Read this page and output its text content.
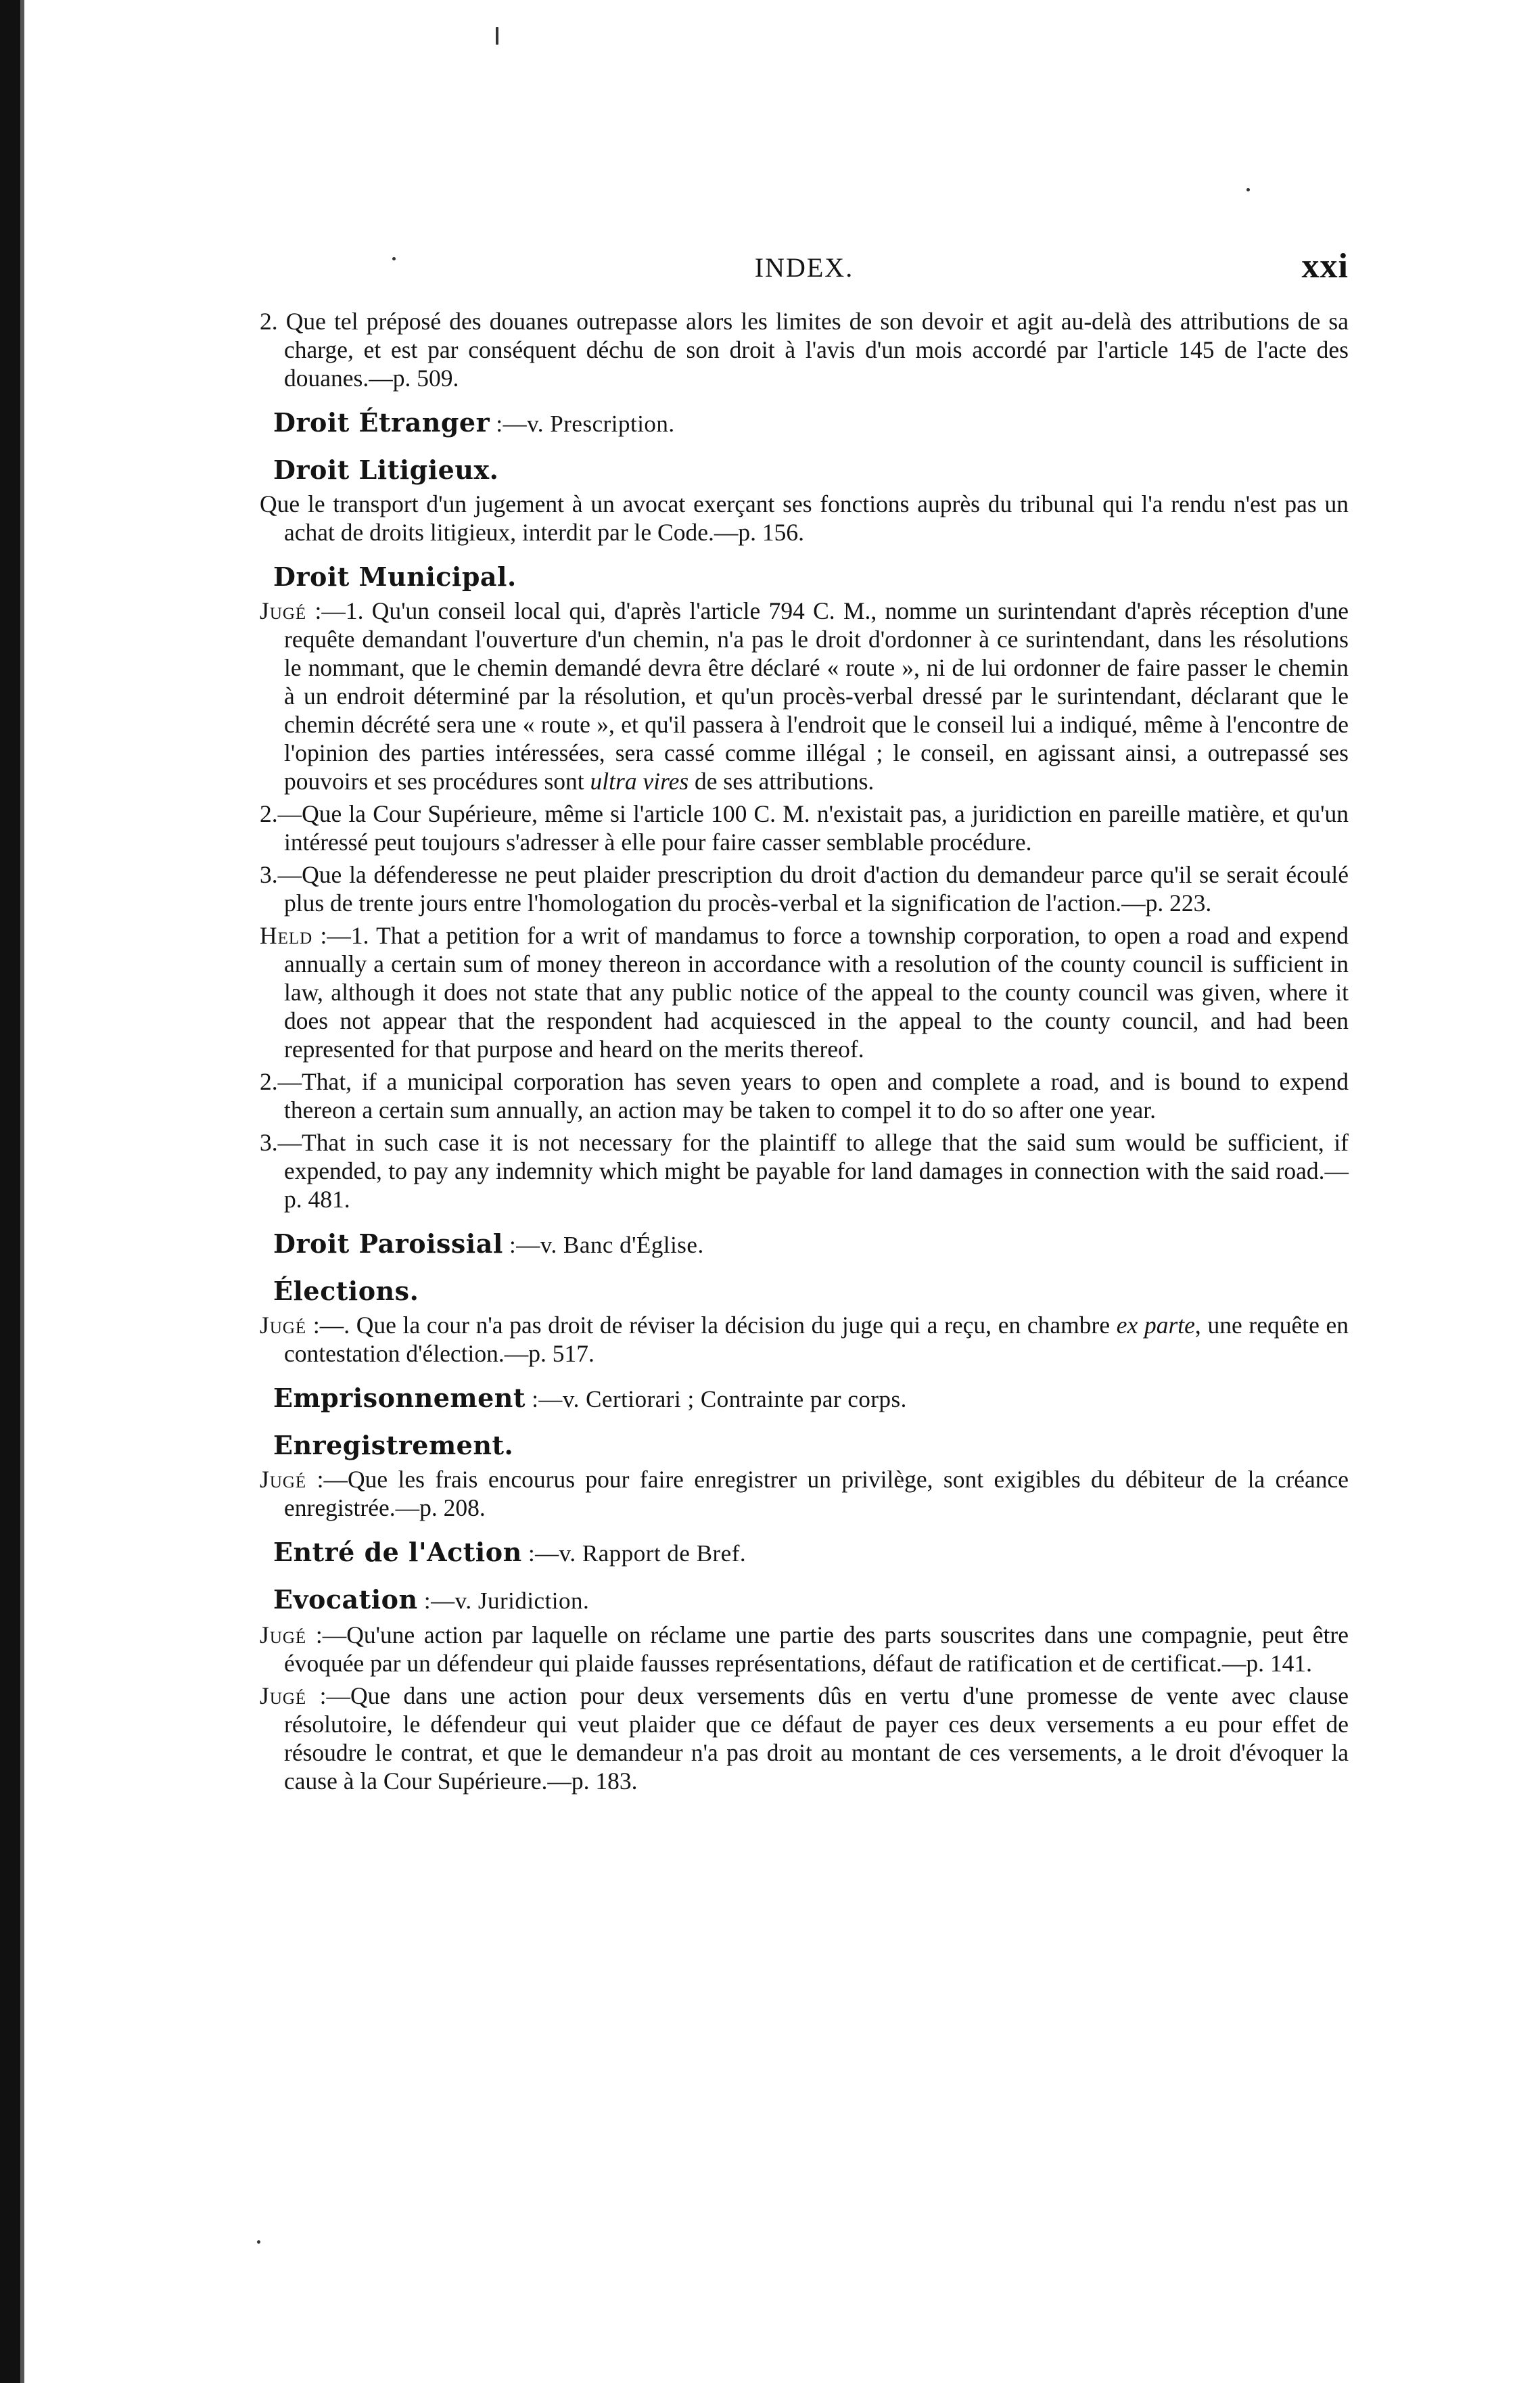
INDEX.	xxi

2. Que tel préposé des douanes outrepasse alors les limites de son devoir et agit au-delà des attributions de sa charge, et est par conséquent déchu de son droit à l'avis d'un mois accordé par l'article 145 de l'acte des douanes.—p. 509.

Droit Étranger :—v. Prescription.
Droit Litigieux.

Que le transport d'un jugement à un avocat exerçant ses fonctions auprès du tribunal qui l'a rendu n'est pas un achat de droits litigieux, interdit par le Code.—p. 156.

Droit Municipal.

Jugé :—1. Qu'un conseil local qui, d'après l'article 794 C. M., nomme un surintendant d'après réception d'une requête demandant l'ouverture d'un chemin, n'a pas le droit d'ordonner à ce surintendant, dans les résolutions le nommant, que le chemin demandé devra être déclaré « route », ni de lui ordonner de faire passer le chemin à un endroit déterminé par la résolution, et qu'un procès-verbal dressé par le surintendant, déclarant que le chemin décrété sera une « route », et qu'il passera à l'endroit que le conseil lui a indiqué, même à l'encontre de l'opinion des parties intéressées, sera cassé comme illégal ; le conseil, en agissant ainsi, a outrepassé ses pouvoirs et ses procédures sont ultra vires de ses attributions.

2.—Que la Cour Supérieure, même si l'article 100 C. M. n'existait pas, a juridiction en pareille matière, et qu'un intéressé peut toujours s'adresser à elle pour faire casser semblable procédure.

3.—Que la défenderesse ne peut plaider prescription du droit d'action du demandeur parce qu'il se serait écoulé plus de trente jours entre l'homologation du procès-verbal et la signification de l'action.—p. 223.

Held :—1. That a petition for a writ of mandamus to force a township corporation, to open a road and expend annually a certain sum of money thereon in accordance with a resolution of the county council is sufficient in law, although it does not state that any public notice of the appeal to the county council was given, where it does not appear that the respondent had acquiesced in the appeal to the county council, and had been represented for that purpose and heard on the merits thereof.

2.—That, if a municipal corporation has seven years to open and complete a road, and is bound to expend thereon a certain sum annually, an action may be taken to compel it to do so after one year.

3.—That in such case it is not necessary for the plaintiff to allege that the said sum would be sufficient, if expended, to pay any indemnity which might be payable for land damages in connection with the said road.—p. 481.

Droit Paroissial :—v. Banc d'Église.
Élections.

Jugé :—. Que la cour n'a pas droit de réviser la décision du juge qui a reçu, en chambre ex parte, une requête en contestation d'élection.—p. 517.

Emprisonnement :—v. Certiorari ; Contrainte par corps.
Enregistrement.

Jugé :—Que les frais encourus pour faire enregistrer un privilège, sont exigibles du débiteur de la créance enregistrée.—p. 208.

Entré de l'Action :—v. Rapport de Bref.
Evocation :—v. Juridiction.

Jugé :—Qu'une action par laquelle on réclame une partie des parts souscrites dans une compagnie, peut être évoquée par un défendeur qui plaide fausses représentations, défaut de ratification et de certificat.—p. 141.

Jugé :—Que dans une action pour deux versements dûs en vertu d'une promesse de vente avec clause résolutoire, le défendeur qui veut plaider que ce défaut de payer ces deux versements a eu pour effet de résoudre le contrat, et que le demandeur n'a pas droit au montant de ces versements, a le droit d'évoquer la cause à la Cour Supérieure.—p. 183.
